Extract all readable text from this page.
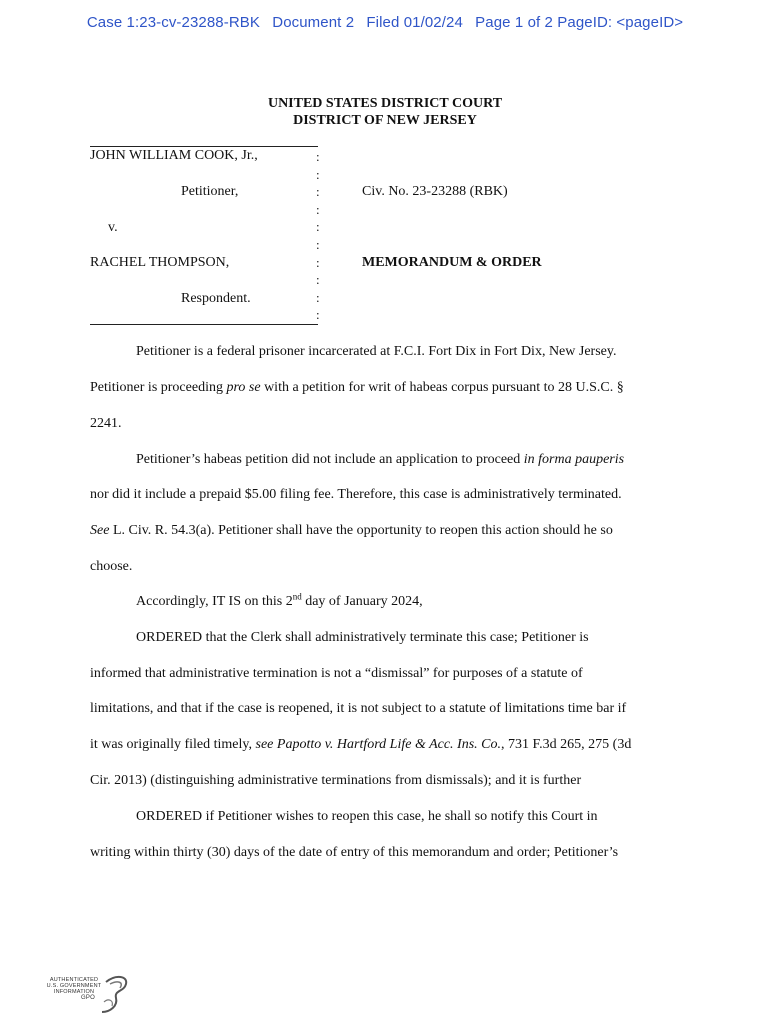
Case 1:23-cv-23288-RBK Document 2 Filed 01/02/24 Page 1 of 2 PageID: <pageID>
UNITED STATES DISTRICT COURT
DISTRICT OF NEW JERSEY
JOHN WILLIAM COOK, Jr.,
Petitioner,
v.
RACHEL THOMPSON,
Respondent.
:
:
:
:
:
:
:
:
:
:
Civ. No. 23-23288 (RBK)
MEMORANDUM & ORDER
Petitioner is a federal prisoner incarcerated at F.C.I. Fort Dix in Fort Dix, New Jersey.
Petitioner is proceeding pro se with a petition for writ of habeas corpus pursuant to 28 U.S.C. §
2241.
Petitioner’s habeas petition did not include an application to proceed in forma pauperis
nor did it include a prepaid $5.00 filing fee. Therefore, this case is administratively terminated.
See L. Civ. R. 54.3(a). Petitioner shall have the opportunity to reopen this action should he so
choose.
Accordingly, IT IS on this 2nd day of January 2024,
ORDERED that the Clerk shall administratively terminate this case; Petitioner is
informed that administrative termination is not a “dismissal” for purposes of a statute of
limitations, and that if the case is reopened, it is not subject to a statute of limitations time bar if
it was originally filed timely, see Papotto v. Hartford Life & Acc. Ins. Co., 731 F.3d 265, 275 (3d
Cir. 2013) (distinguishing administrative terminations from dismissals); and it is further
ORDERED if Petitioner wishes to reopen this case, he shall so notify this Court in
writing within thirty (30) days of the date of entry of this memorandum and order; Petitioner’s
AUTHENTICATED
U.S. GOVERNMENT
INFORMATION
GPO
